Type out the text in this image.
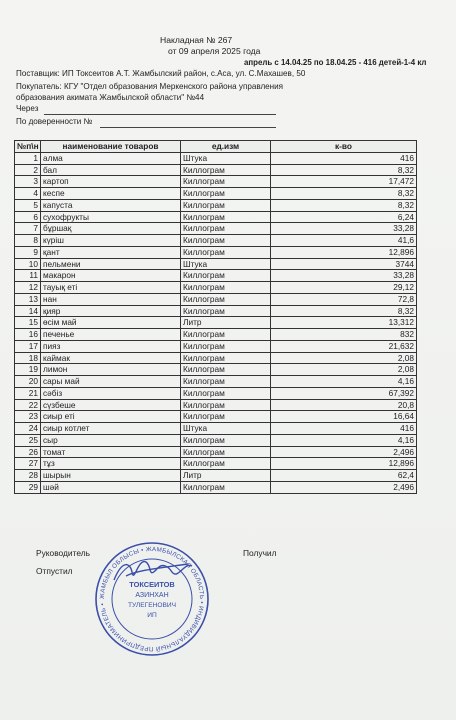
Накладная № 267
от 09 апреля 2025 года
апрель с 14.04.25 по 18.04.25 - 416 детей-1-4 кл
Поставщик: ИП Токсеитов А.Т. Жамбылский район, с.Аса, ул. С.Махашев, 50
Покупатель: КГУ "Отдел образования Меркенского района управления
образования акимата Жамбылской области" №44
Через
По доверенности №
№п\н	наименование товаров	ед.изм	к-во
1	алма	Штука	416
2	бал	Киллограм	8,32
3	картоп	Киллограм	17,472
4	кеспе	Киллограм	8,32
5	капуста	Киллограм	8,32
6	сухофрукты	Киллограм	6,24
7	бұршақ	Киллограм	33,28
8	күріш	Киллограм	41,6
9	қант	Киллограм	12,896
10	пельмени	Штука	3744
11	макарон	Киллограм	33,28
12	тауық еті	Киллограм	29,12
13	нан	Киллограм	72,8
14	қияр	Киллограм	8,32
15	өсім май	Литр	13,312
16	печенье	Киллограм	832
17	пияз	Киллограм	21,632
18	каймак	Киллограм	2,08
19	лимон	Киллограм	2,08
20	сары май	Киллограм	4,16
21	сәбіз	Киллограм	67,392
22	сүзбеше	Киллограм	20,8
23	сиыр еті	Киллограм	16,64
24	сиыр котлет	Штука	416
25	сыр	Киллограм	4,16
26	томат	Киллограм	2,496
27	тұз	Киллограм	12,896
28	шырын	Литр	62,4
29	шәй	Киллограм	2,496
Руководитель	Получил
Отпустил
ЖАМБЫЛ ОБЛЫСЫ • ЖАМБЫЛСКАЯ ОБЛАСТЬ • ИНДИВИДУАЛЬНЫЙ ПРЕДПРИНИМАТЕЛЬ •
ТОКСЕИТОВ
АЗИНХАН
ТУЛЕГЕНОВИЧ
ИП
